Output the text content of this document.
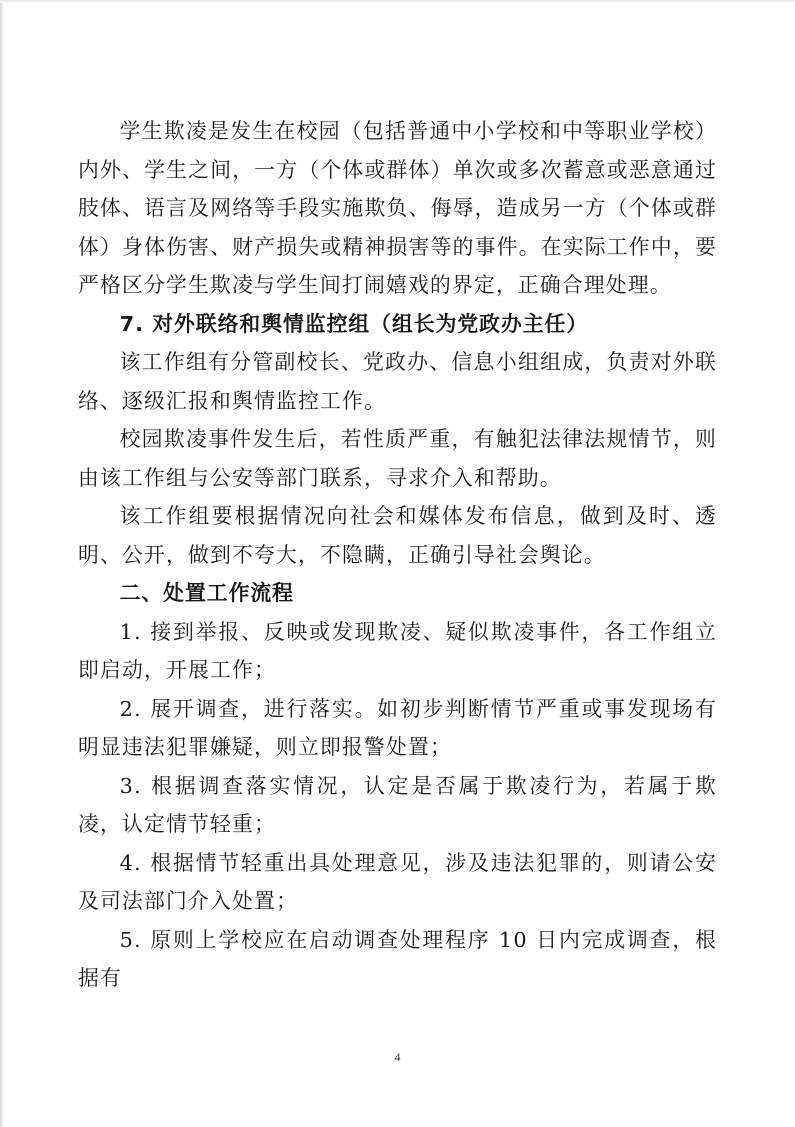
学生欺凌是发生在校园（包括普通中小学校和中等职业学校）内外、学生之间，一方（个体或群体）单次或多次蓄意或恶意通过肢体、语言及网络等手段实施欺负、侮辱，造成另一方（个体或群体）身体伤害、财产损失或精神损害等的事件。在实际工作中，要严格区分学生欺凌与学生间打闹嬉戏的界定，正确合理处理。

7. 对外联络和舆情监控组（组长为党政办主任）

该工作组有分管副校长、党政办、信息小组组成，负责对外联络、逐级汇报和舆情监控工作。

校园欺凌事件发生后，若性质严重，有触犯法律法规情节，则由该工作组与公安等部门联系，寻求介入和帮助。

该工作组要根据情况向社会和媒体发布信息，做到及时、透明、公开，做到不夸大，不隐瞒，正确引导社会舆论。

二、处置工作流程

1. 接到举报、反映或发现欺凌、疑似欺凌事件，各工作组立即启动，开展工作；

2. 展开调查，进行落实。如初步判断情节严重或事发现场有明显违法犯罪嫌疑，则立即报警处置；

3. 根据调查落实情况，认定是否属于欺凌行为，若属于欺凌，认定情节轻重；

4. 根据情节轻重出具处理意见，涉及违法犯罪的，则请公安及司法部门介入处置；

5. 原则上学校应在启动调查处理程序 10 日内完成调查，根据有

4
